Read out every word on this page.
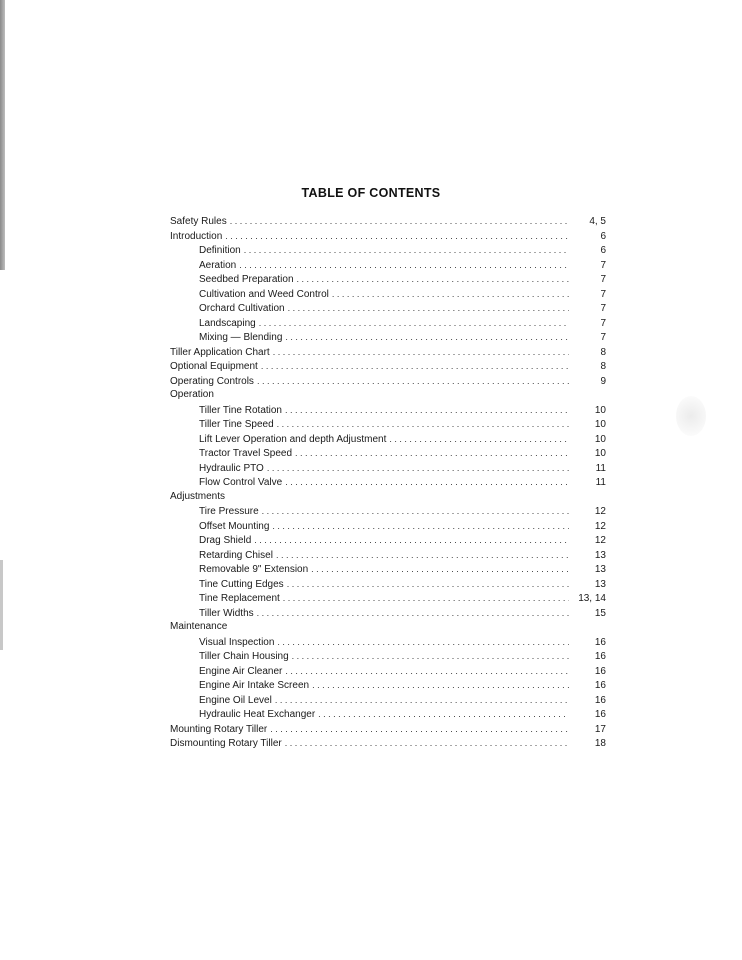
TABLE OF CONTENTS
Safety Rules . . .	4, 5
Introduction . . .	6
Definition . . .	6
Aeration . . .	7
Seedbed Preparation . . .	7
Cultivation and Weed Control . . .	7
Orchard Cultivation . . .	7
Landscaping . . .	7
Mixing — Blending . . .	7
Tiller Application Chart . . .	8
Optional Equipment . . .	8
Operating Controls . . .	9
Operation
Tiller Tine Rotation . . .	10
Tiller Tine Speed . . .	10
Lift Lever Operation and depth Adjustment . . .	10
Tractor Travel Speed . . .	10
Hydraulic PTO . . .	11
Flow Control Valve . . .	11
Adjustments
Tire Pressure . . .	12
Offset Mounting . . .	12
Drag Shield . . .	12
Retarding Chisel . . .	13
Removable 9" Extension . . .	13
Tine Cutting Edges . . .	13
Tine Replacement . . .	13, 14
Tiller Widths . . .	15
Maintenance
Visual Inspection . . .	16
Tiller Chain Housing . . .	16
Engine Air Cleaner . . .	16
Engine Air Intake Screen . . .	16
Engine Oil Level . . .	16
Hydraulic Heat Exchanger . . .	16
Mounting Rotary Tiller . . .	17
Dismounting Rotary Tiller . . .	18
